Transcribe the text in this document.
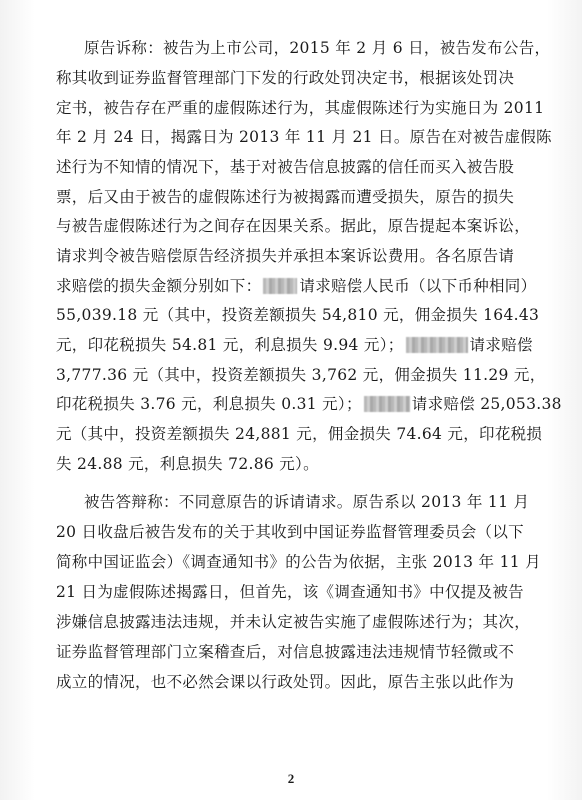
原告诉称：被告为上市公司，2015 年 2 月 6 日，被告发布公告，
称其收到证券监督管理部门下发的行政处罚决定书，根据该处罚决
定书，被告存在严重的虚假陈述行为，其虚假陈述行为实施日为 2011
年 2 月 24 日，揭露日为 2013 年 11 月 21 日。原告在对被告虚假陈
述行为不知情的情况下，基于对被告信息披露的信任而买入被告股
票，后又由于被告的虚假陈述行为被揭露而遭受损失，原告的损失
与被告虚假陈述行为之间存在因果关系。据此，原告提起本案诉讼，
请求判令被告赔偿原告经济损失并承担本案诉讼费用。各名原告请
求赔偿的损失金额分别如下： 请求赔偿人民币（以下币种相同）
55,039.18 元（其中，投资差额损失 54,810 元，佣金损失 164.43
元，印花税损失 54.81 元，利息损失 9.94 元）；	请求赔偿
3,777.36 元（其中，投资差额损失 3,762 元，佣金损失 11.29 元，
印花税损失 3.76 元，利息损失 0.31 元）；	请求赔偿 25,053.38
元（其中，投资差额损失 24,881 元，佣金损失 74.64 元，印花税损
失 24.88 元，利息损失 72.86 元）。
被告答辩称：不同意原告的诉请请求。原告系以 2013 年 11 月
20 日收盘后被告发布的关于其收到中国证券监督管理委员会（以下
简称中国证监会）《调查通知书》的公告为依据，主张 2013 年 11 月
21 日为虚假陈述揭露日，但首先，该《调查通知书》中仅提及被告
涉嫌信息披露违法违规，并未认定被告实施了虚假陈述行为；其次，
证券监督管理部门立案稽查后，对信息披露违法违规情节轻微或不
成立的情况，也不必然会课以行政处罚。因此，原告主张以此作为
2
